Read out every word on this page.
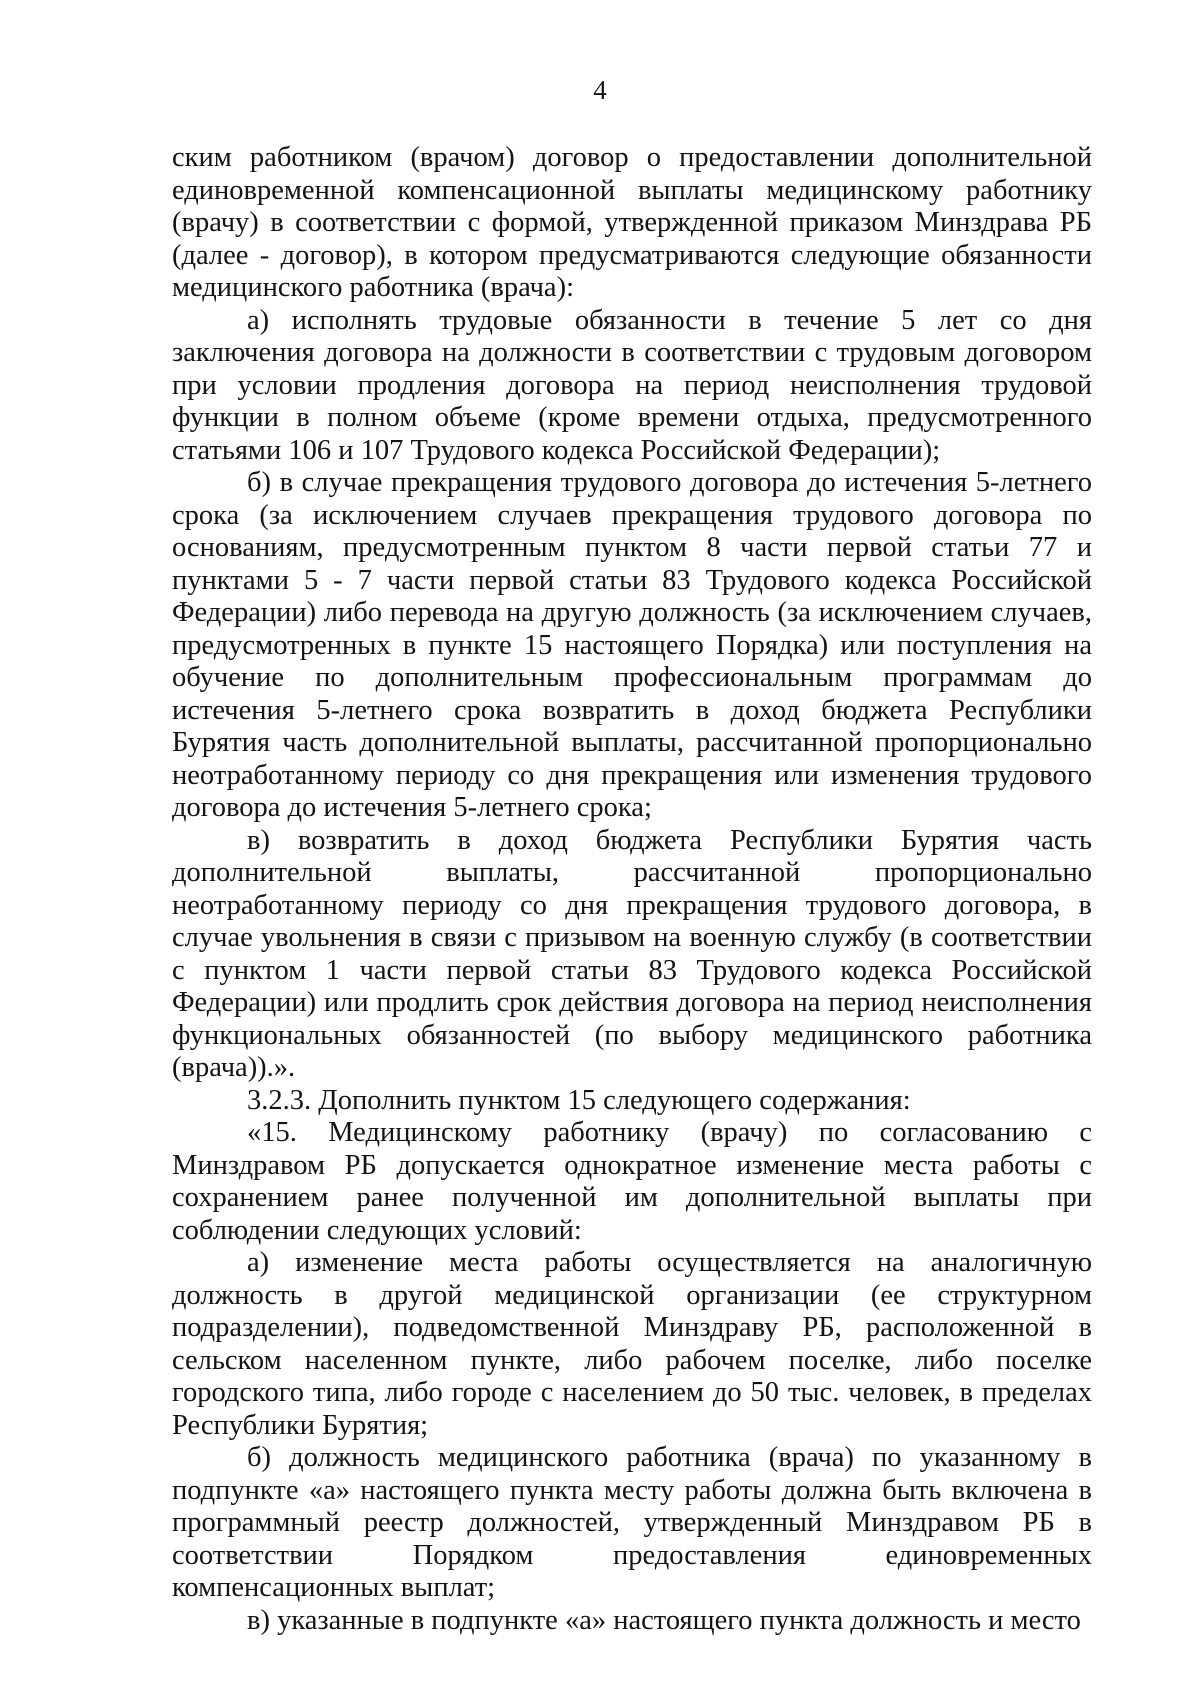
4

ским работником (врачом) договор о предоставлении дополнительной единовременной компенсационной выплаты медицинскому работнику (врачу) в соответствии с формой, утвержденной приказом Минздрава РБ (далее - договор), в котором предусматриваются следующие обязанности медицинского работника (врача):

а) исполнять трудовые обязанности в течение 5 лет со дня заключения договора на должности в соответствии с трудовым договором при условии продления договора на период неисполнения трудовой функции в полном объеме (кроме времени отдыха, предусмотренного статьями 106 и 107 Трудового кодекса Российской Федерации);

б) в случае прекращения трудового договора до истечения 5-летнего срока (за исключением случаев прекращения трудового договора по основаниям, предусмотренным пунктом 8 части первой статьи 77 и пунктами 5 - 7 части первой статьи 83 Трудового кодекса Российской Федерации) либо перевода на другую должность (за исключением случаев, предусмотренных в пункте 15 настоящего Порядка) или поступления на обучение по дополнительным профессиональным программам до истечения 5-летнего срока возвратить в доход бюджета Республики Бурятия часть дополнительной выплаты, рассчитанной пропорционально неотработанному периоду со дня прекращения или изменения трудового договора до истечения 5-летнего срока;

в) возвратить в доход бюджета Республики Бурятия часть дополнительной выплаты, рассчитанной пропорционально неотработанному периоду со дня прекращения трудового договора, в случае увольнения в связи с призывом на военную службу (в соответствии с пунктом 1 части первой статьи 83 Трудового кодекса Российской Федерации) или продлить срок действия договора на период неисполнения функциональных обязанностей (по выбору медицинского работника (врача)).».

3.2.3. Дополнить пунктом 15 следующего содержания:

«15. Медицинскому работнику (врачу) по согласованию с Минздравом РБ допускается однократное изменение места работы с сохранением ранее полученной им дополнительной выплаты при соблюдении следующих условий:

а) изменение места работы осуществляется на аналогичную должность в другой медицинской организации (ее структурном подразделении), подведомственной Минздраву РБ, расположенной в сельском населенном пункте, либо рабочем поселке, либо поселке городского типа, либо городе с населением до 50 тыс. человек, в пределах Республики Бурятия;

б) должность медицинского работника (врача) по указанному в подпункте «а» настоящего пункта месту работы должна быть включена в программный реестр должностей, утвержденный Минздравом РБ в соответствии Порядком предоставления единовременных компенсационных выплат;

в) указанные в подпункте «а» настоящего пункта должность и место
